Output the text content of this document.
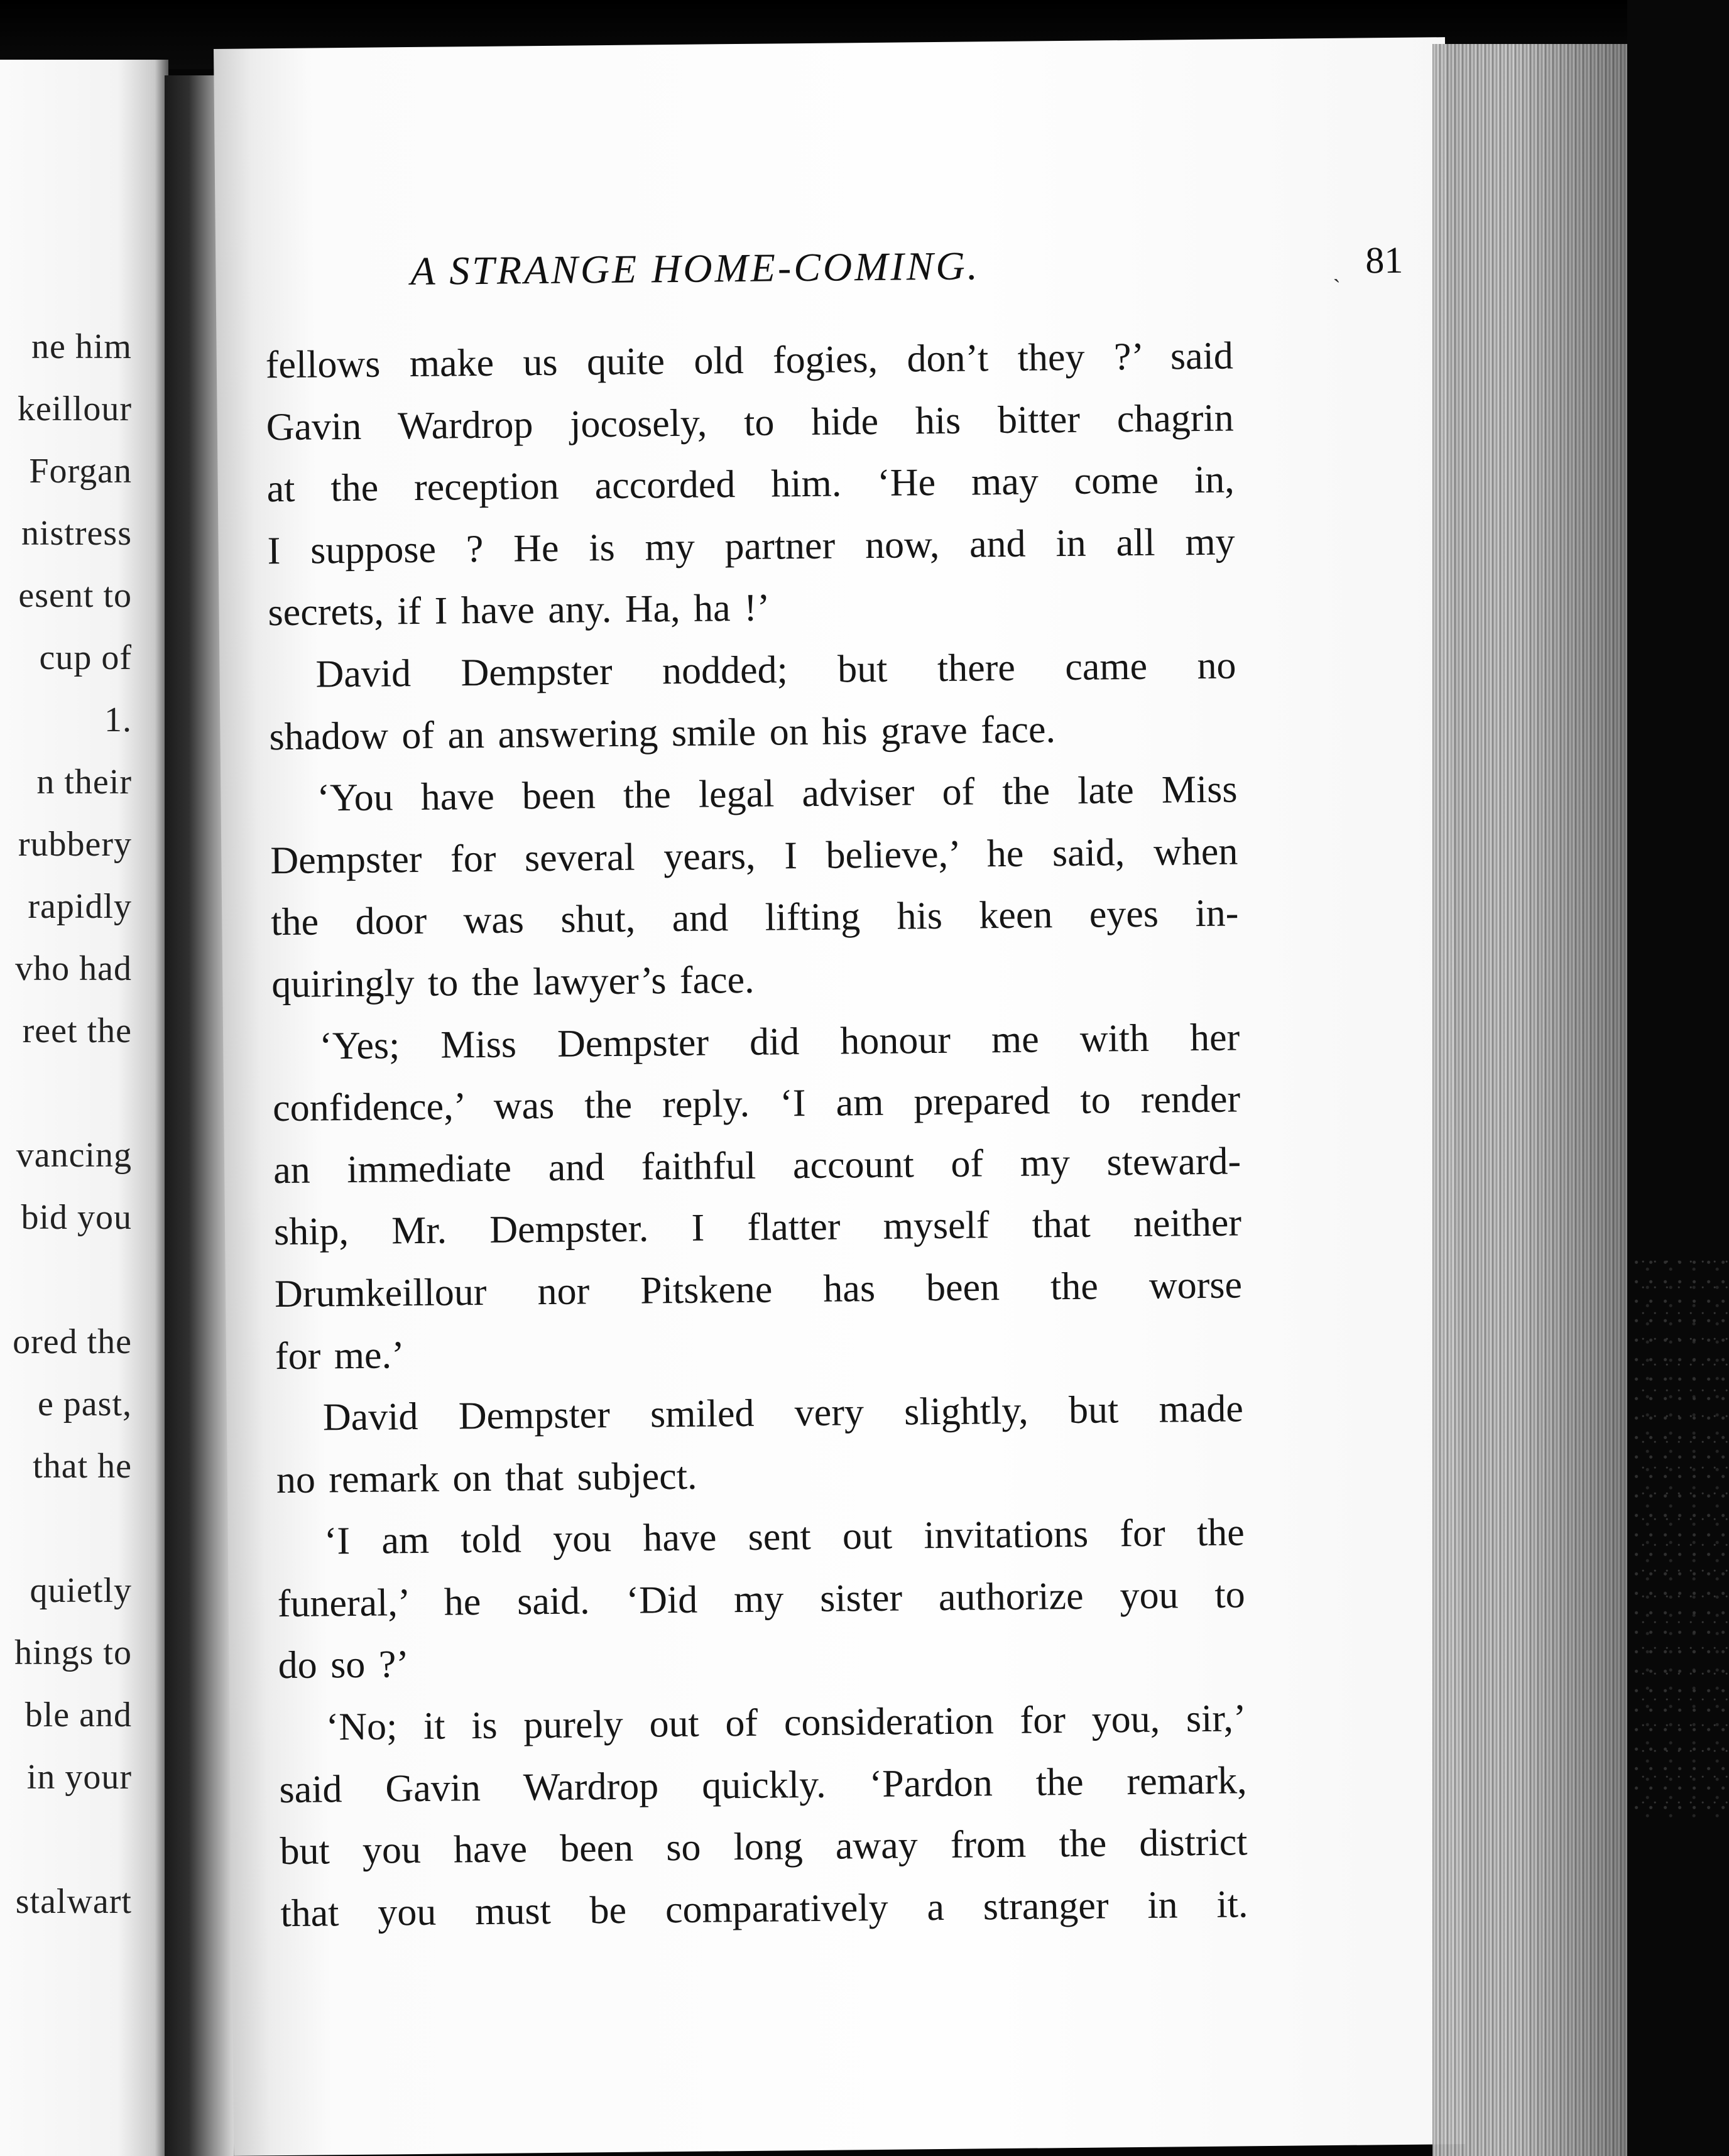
ne him
keillour
Forgan
nistress
esent to
cup of
1.
n their
rubbery
rapidly
vho had
reet the
vancing
bid you
ored the
e past,
that he
quietly
hings to
ble and
in your
stalwart
A STRANGE HOME-COMING.	ˎ 81
fellows make us quite old fogies, don’t they ?’ said
Gavin Wardrop jocosely, to hide his bitter chagrin
at the reception accorded him. ‘He may come in,
I suppose ? He is my partner now, and in all my
secrets, if I have any. Ha, ha !’
David Dempster nodded; but there came no
shadow of an answering smile on his grave face.
‘You have been the legal adviser of the late Miss
Dempster for several years, I believe,’ he said, when
the door was shut, and lifting his keen eyes in-
quiringly to the lawyer’s face.
‘Yes; Miss Dempster did honour me with her
confidence,’ was the reply. ‘I am prepared to render
an immediate and faithful account of my steward-
ship, Mr. Dempster. I flatter myself that neither
Drumkeillour nor Pitskene has been the worse
for me.’
David Dempster smiled very slightly, but made
no remark on that subject.
‘I am told you have sent out invitations for the
funeral,’ he said. ‘Did my sister authorize you to
do so ?’
‘No; it is purely out of consideration for you, sir,’
said Gavin Wardrop quickly. ‘Pardon the remark,
but you have been so long away from the district
that you must be comparatively a stranger in it.
